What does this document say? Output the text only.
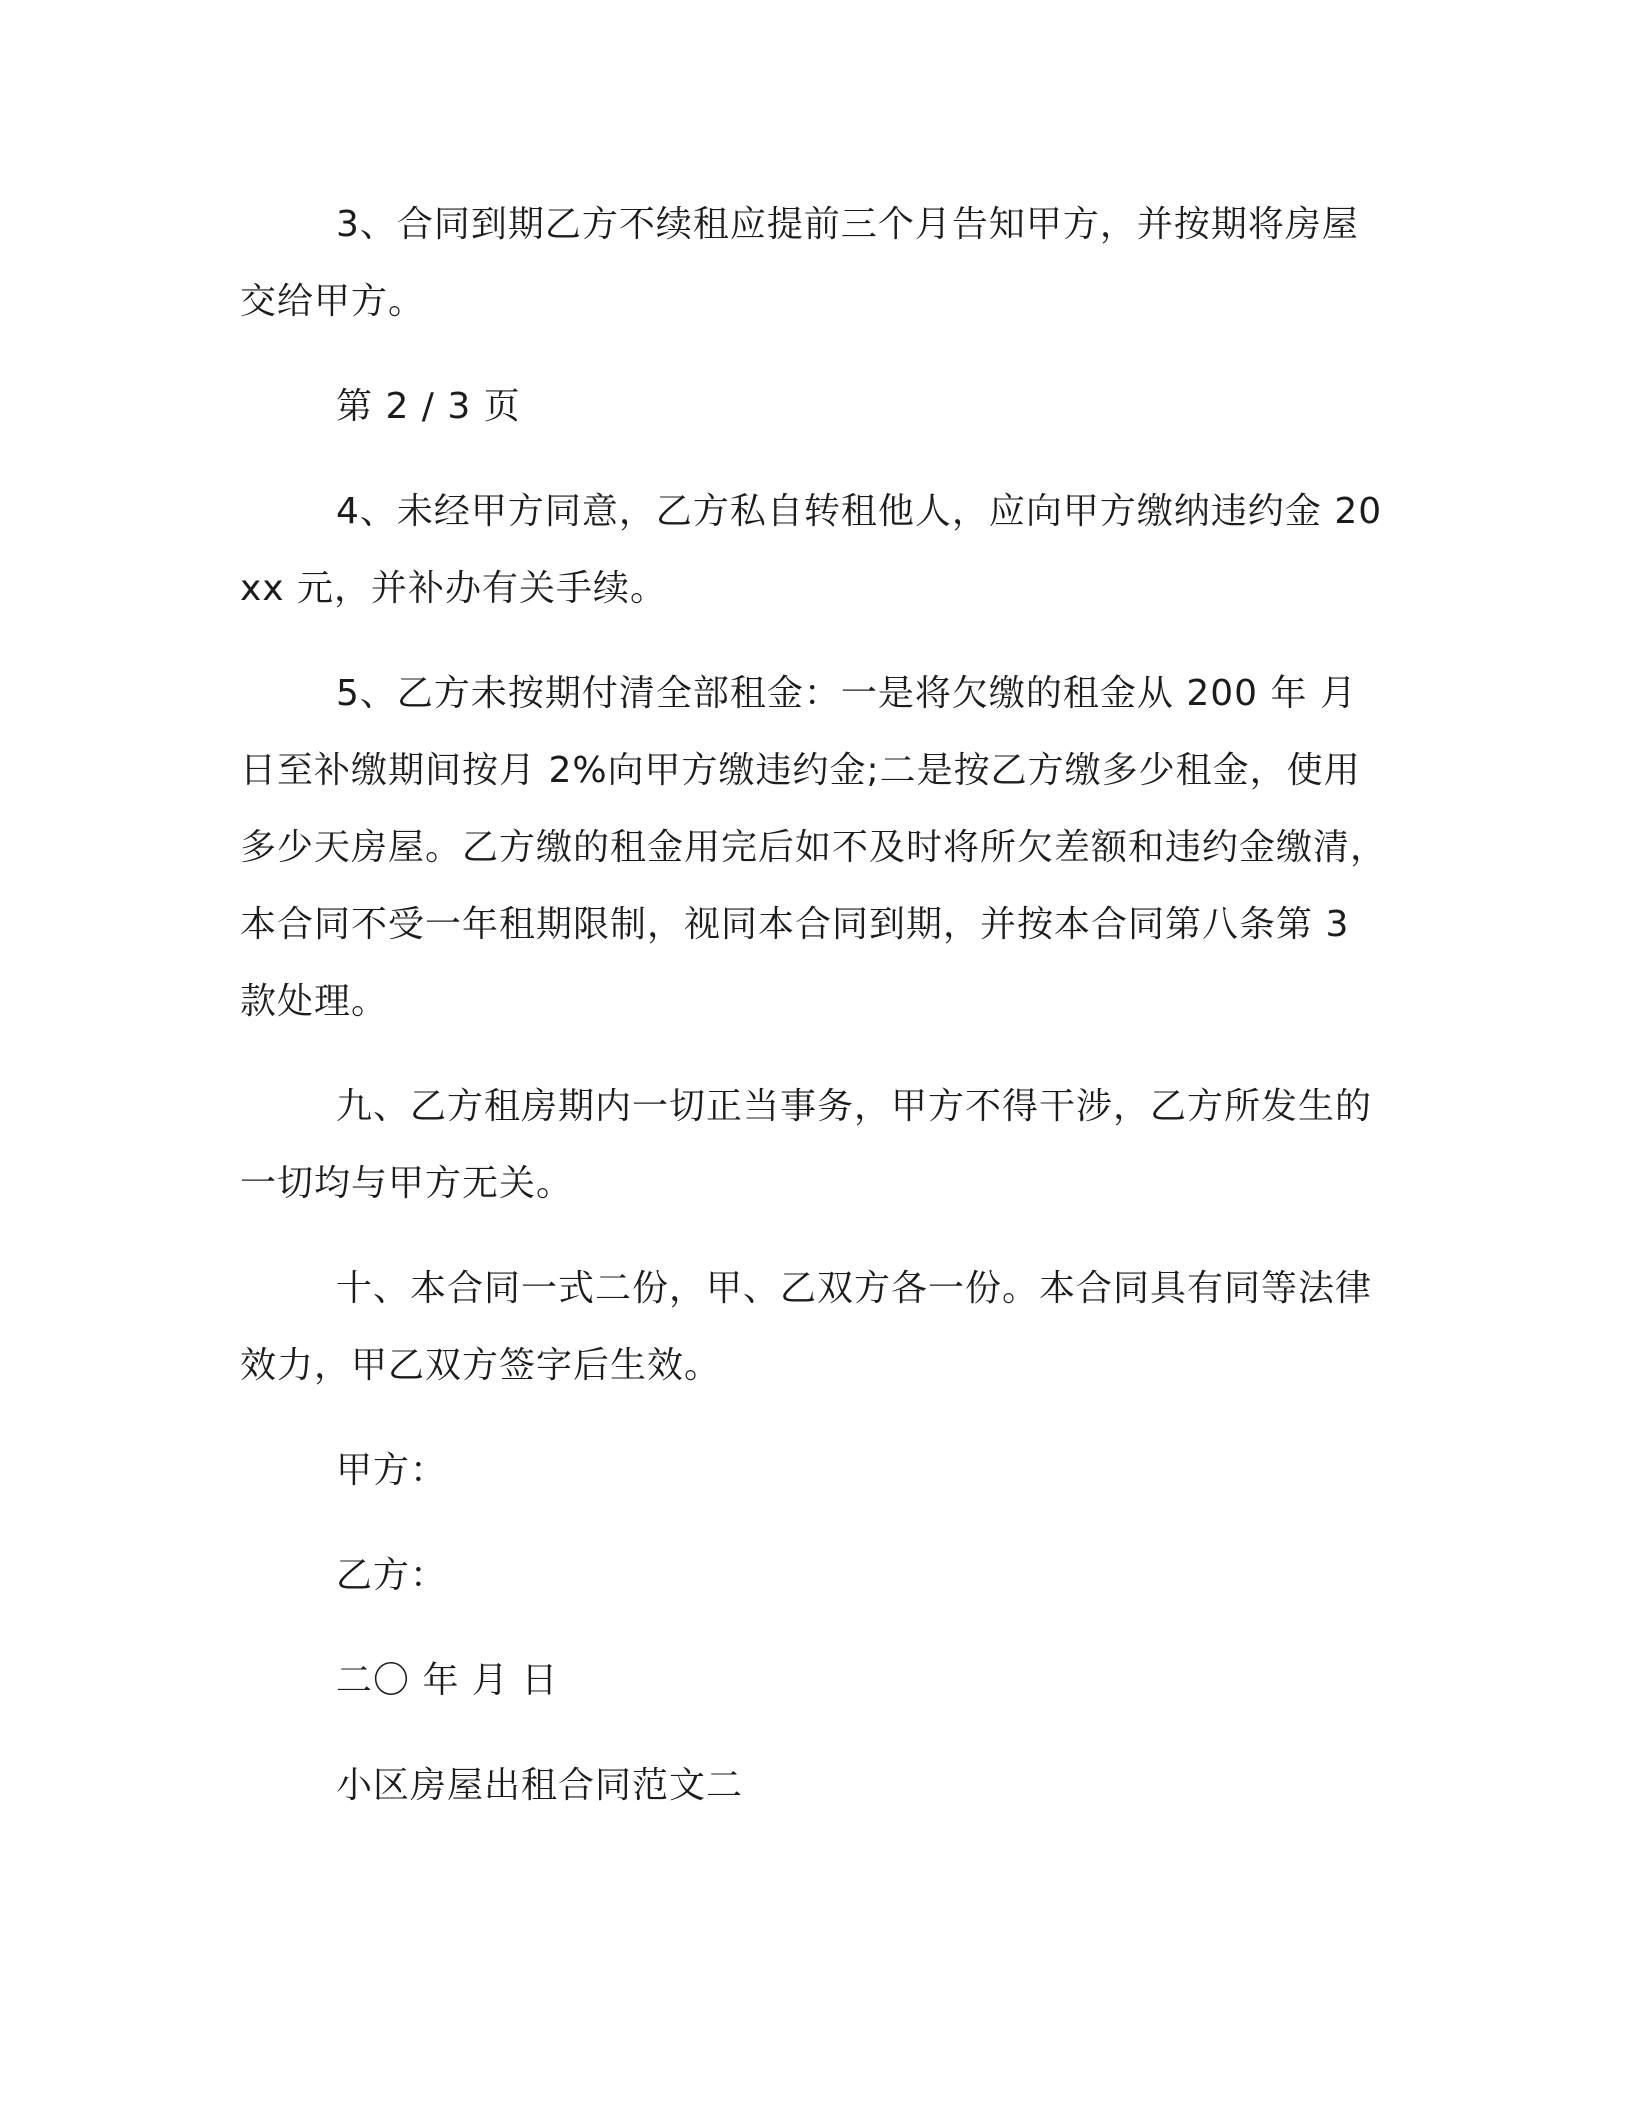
3、合同到期乙方不续租应提前三个月告知甲方，并按期将房屋交给甲方。

第 2 / 3 页

4、未经甲方同意，乙方私自转租他人，应向甲方缴纳违约金 20xx 元，并补办有关手续。

5、乙方未按期付清全部租金：一是将欠缴的租金从 200 年 月 日至补缴期间按月 2%向甲方缴违约金;二是按乙方缴多少租金，使用多少天房屋。乙方缴的租金用完后如不及时将所欠差额和违约金缴清，本合同不受一年租期限制，视同本合同到期，并按本合同第八条第 3 款处理。

九、乙方租房期内一切正当事务，甲方不得干涉，乙方所发生的一切均与甲方无关。

十、本合同一式二份，甲、乙双方各一份。本合同具有同等法律效力，甲乙双方签字后生效。

甲方：

乙方：

二〇 年 月 日

小区房屋出租合同范文二
